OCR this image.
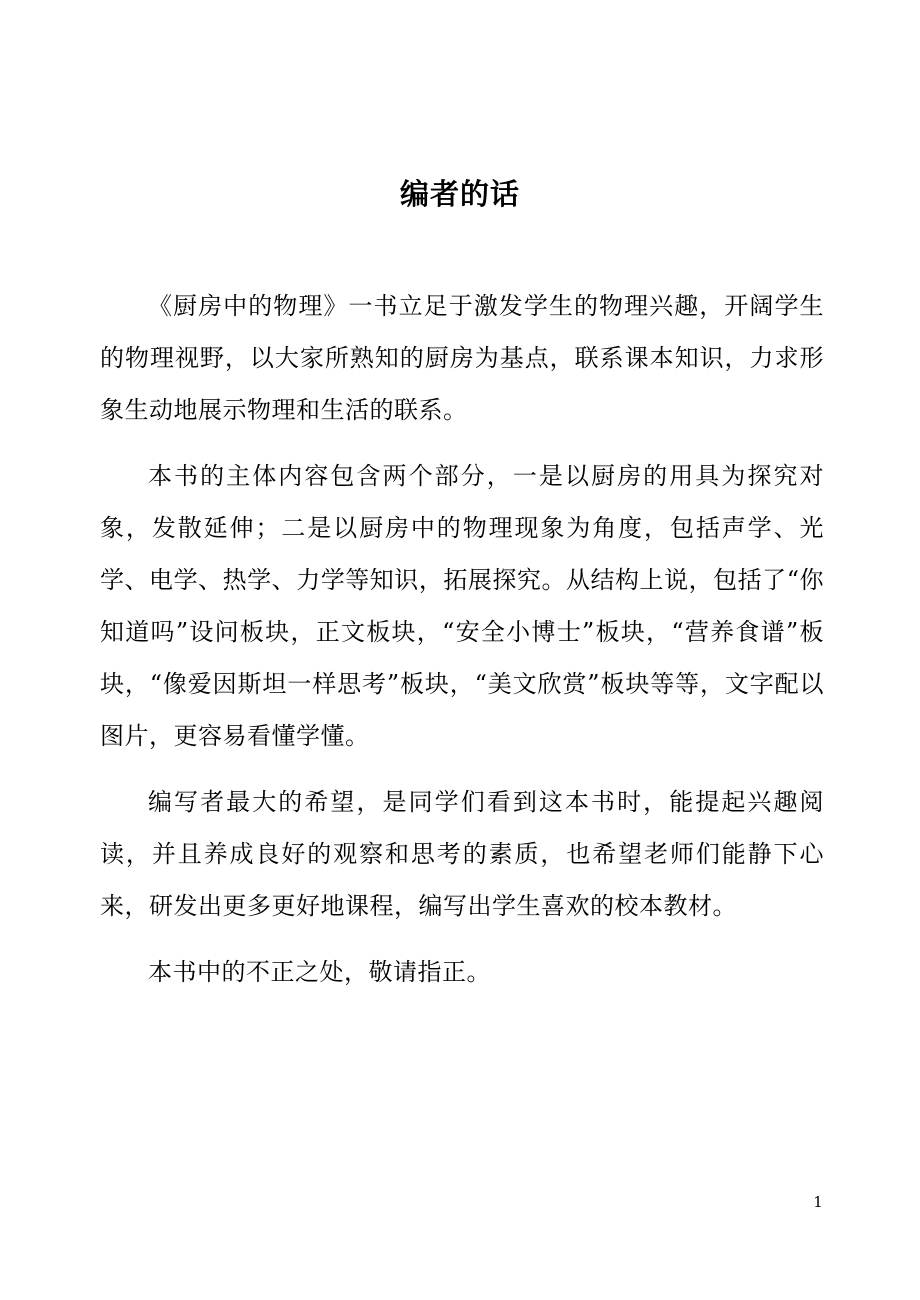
编者的话

《厨房中的物理》一书立足于激发学生的物理兴趣，开阔学生的物理视野，以大家所熟知的厨房为基点，联系课本知识，力求形象生动地展示物理和生活的联系。

本书的主体内容包含两个部分，一是以厨房的用具为探究对象，发散延伸；二是以厨房中的物理现象为角度，包括声学、光学、电学、热学、力学等知识，拓展探究。从结构上说，包括了“你知道吗”设问板块，正文板块，“安全小博士”板块，“营养食谱”板块，“像爱因斯坦一样思考”板块，“美文欣赏”板块等等，文字配以图片，更容易看懂学懂。

编写者最大的希望，是同学们看到这本书时，能提起兴趣阅读，并且养成良好的观察和思考的素质，也希望老师们能静下心来，研发出更多更好地课程，编写出学生喜欢的校本教材。

本书中的不正之处，敬请指正。

1
